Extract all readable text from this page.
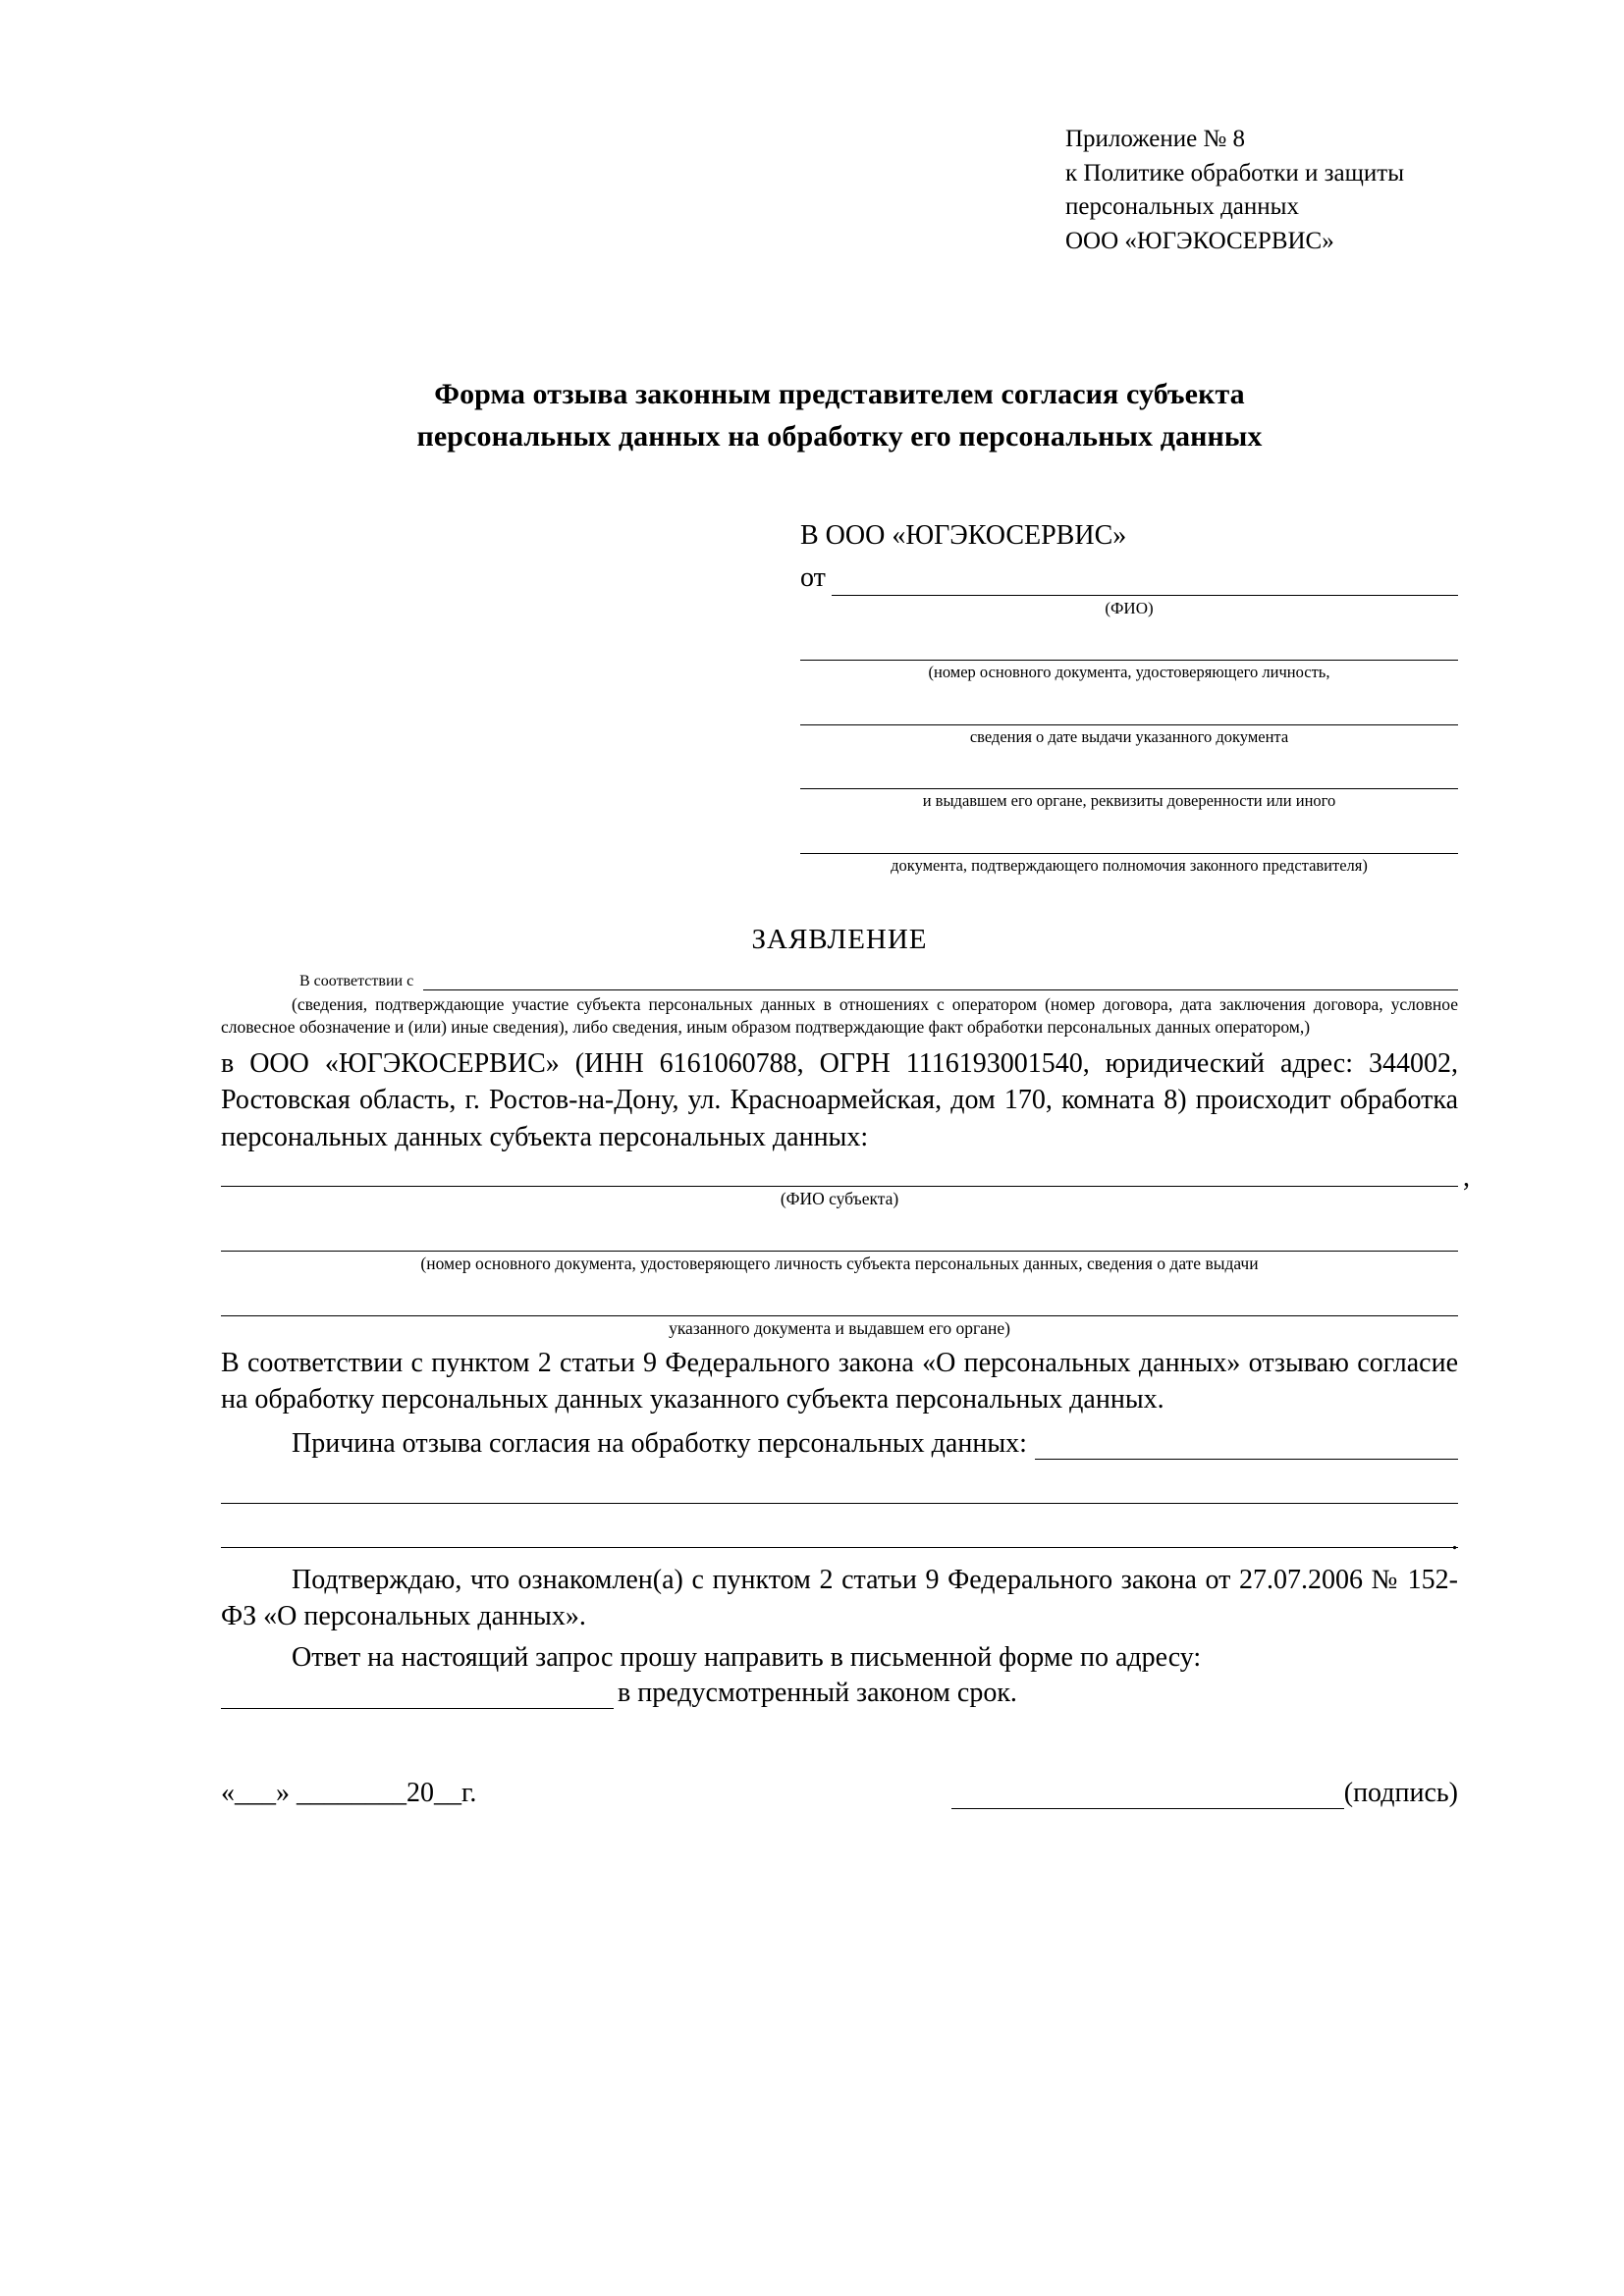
Приложение № 8
к Политике обработки и защиты
персональных данных
ООО «ЮГЭКОСЕРВИС»
Форма отзыва законным представителем согласия субъекта
персональных данных на обработку его персональных данных
В ООО «ЮГЭКОСЕРВИС»
от
(ФИО)
(номер основного документа, удостоверяющего личность,
сведения о дате выдачи указанного документа
и выдавшем его органе, реквизиты доверенности или иного
документа, подтверждающего полномочия законного представителя)
ЗАЯВЛЕНИЕ
В соответствии с
(сведения, подтверждающие участие субъекта персональных данных в отношениях с оператором (номер договора, дата заключения договора, условное словесное обозначение и (или) иные сведения), либо сведения, иным образом подтверждающие факт обработки персональных данных оператором,)
в ООО «ЮГЭКОСЕРВИС» (ИНН 6161060788, ОГРН 1116193001540, юридический адрес: 344002, Ростовская область, г. Ростов-на-Дону, ул. Красноармейская, дом 170, комната 8) происходит обработка персональных данных субъекта персональных данных:
,
(ФИО субъекта)
(номер основного документа, удостоверяющего личность субъекта персональных данных, сведения о дате выдачи
указанного документа и выдавшем его органе)
В соответствии с пунктом 2 статьи 9 Федерального закона «О персональных данных» отзываю согласие на обработку персональных данных указанного субъекта персональных данных.
Причина отзыва согласия на обработку персональных данных:
.
Подтверждаю, что ознакомлен(а) с пунктом 2 статьи 9 Федерального закона от 27.07.2006 № 152-ФЗ «О персональных данных».
Ответ на настоящий запрос прошу направить в письменной форме по адресу:
в предусмотренный законом срок.
«___» ________20__г.	(подпись)
